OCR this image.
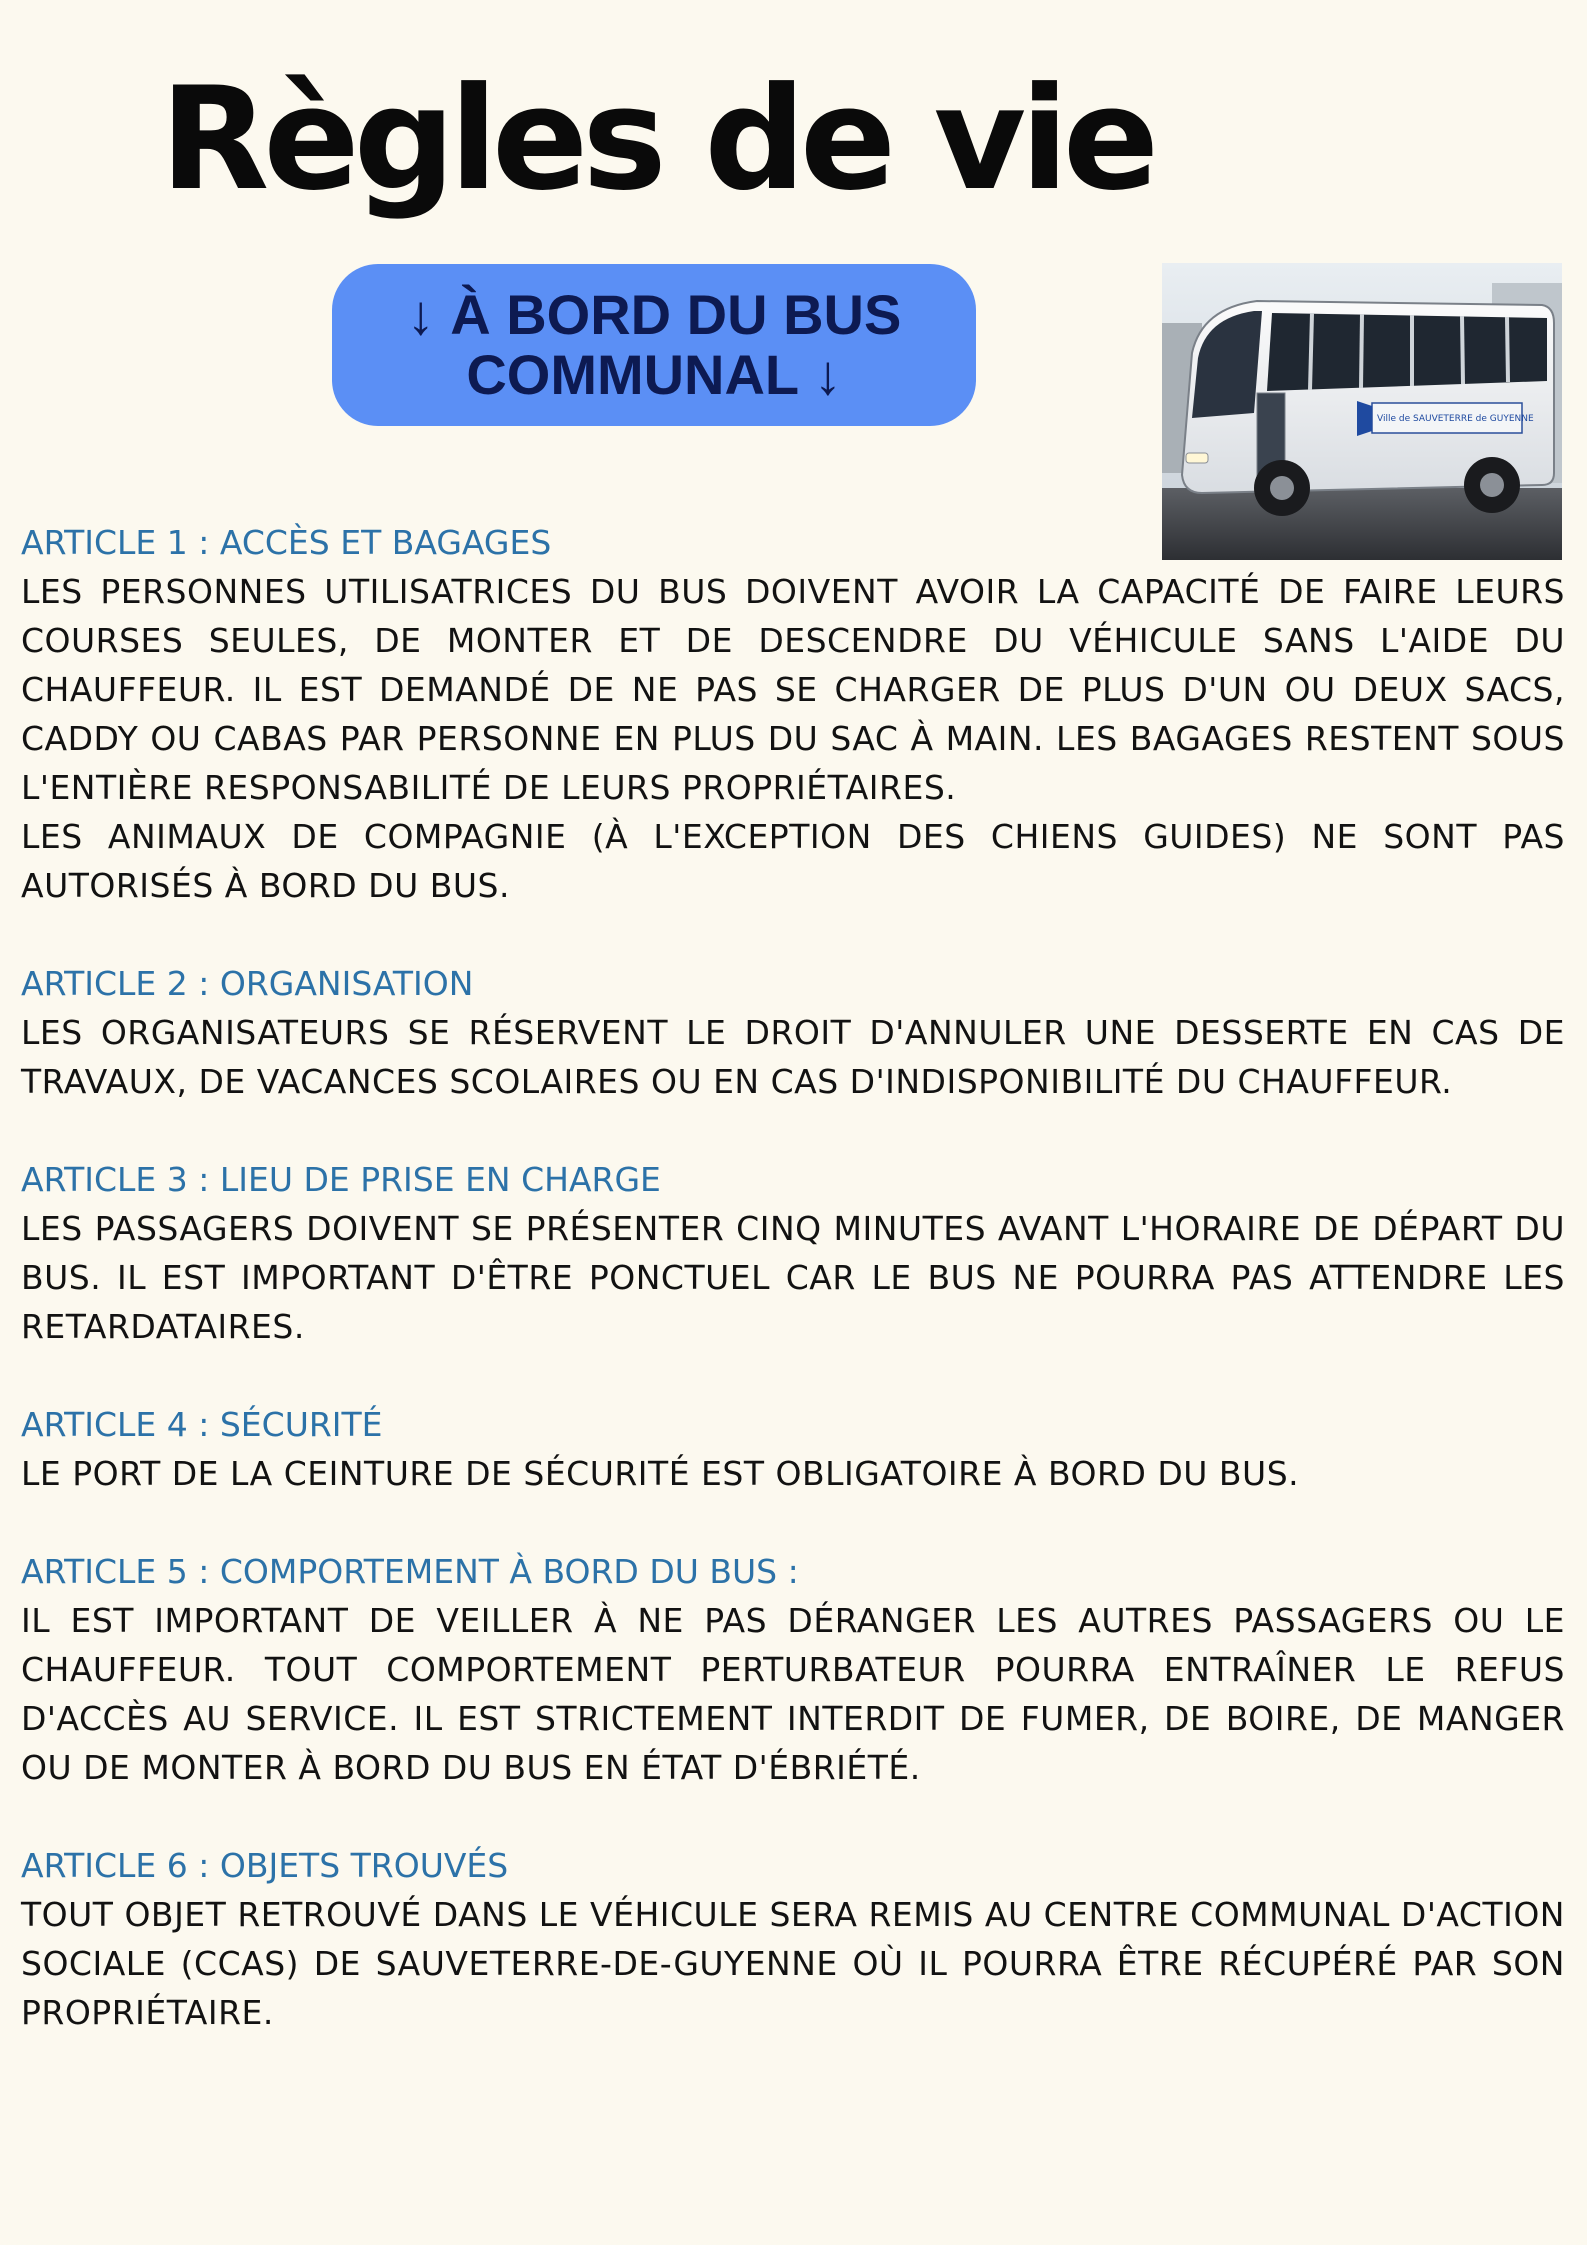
Règles de vie
↓ À BORD DU BUS
COMMUNAL ↓
Ville de SAUVETERRE de GUYENNE
ARTICLE 1 : ACCÈS ET BAGAGES

LES PERSONNES UTILISATRICES DU BUS DOIVENT AVOIR LA CAPACITÉ DE FAIRE LEURS COURSES SEULES, DE MONTER ET DE DESCENDRE DU VÉHICULE SANS L'AIDE DU CHAUFFEUR. IL EST DEMANDÉ DE NE PAS SE CHARGER DE PLUS D'UN OU DEUX SACS, CADDY OU CABAS PAR PERSONNE EN PLUS DU SAC À MAIN. LES BAGAGES RESTENT SOUS L'ENTIÈRE RESPONSABILITÉ DE LEURS PROPRIÉTAIRES.

LES ANIMAUX DE COMPAGNIE (À L'EXCEPTION DES CHIENS GUIDES) NE SONT PAS AUTORISÉS À BORD DU BUS.

ARTICLE 2 : ORGANISATION

LES ORGANISATEURS SE RÉSERVENT LE DROIT D'ANNULER UNE DESSERTE EN CAS DE TRAVAUX, DE VACANCES SCOLAIRES OU EN CAS D'INDISPONIBILITÉ DU CHAUFFEUR.

ARTICLE 3 : LIEU DE PRISE EN CHARGE

LES PASSAGERS DOIVENT SE PRÉSENTER CINQ MINUTES AVANT L'HORAIRE DE DÉPART DU BUS. IL EST IMPORTANT D'ÊTRE PONCTUEL CAR LE BUS NE POURRA PAS ATTENDRE LES RETARDATAIRES.

ARTICLE 4 : SÉCURITÉ

LE PORT DE LA CEINTURE DE SÉCURITÉ EST OBLIGATOIRE À BORD DU BUS.

ARTICLE 5 : COMPORTEMENT À BORD DU BUS :

IL EST IMPORTANT DE VEILLER À NE PAS DÉRANGER LES AUTRES PASSAGERS OU LE CHAUFFEUR. TOUT COMPORTEMENT PERTURBATEUR POURRA ENTRAÎNER LE REFUS D'ACCÈS AU SERVICE. IL EST STRICTEMENT INTERDIT DE FUMER, DE BOIRE, DE MANGER OU DE MONTER À BORD DU BUS EN ÉTAT D'ÉBRIÉTÉ.

ARTICLE 6 : OBJETS TROUVÉS

TOUT OBJET RETROUVÉ DANS LE VÉHICULE SERA REMIS AU CENTRE COMMUNAL D'ACTION SOCIALE (CCAS) DE SAUVETERRE-DE-GUYENNE OÙ IL POURRA ÊTRE RÉCUPÉRÉ PAR SON PROPRIÉTAIRE.
